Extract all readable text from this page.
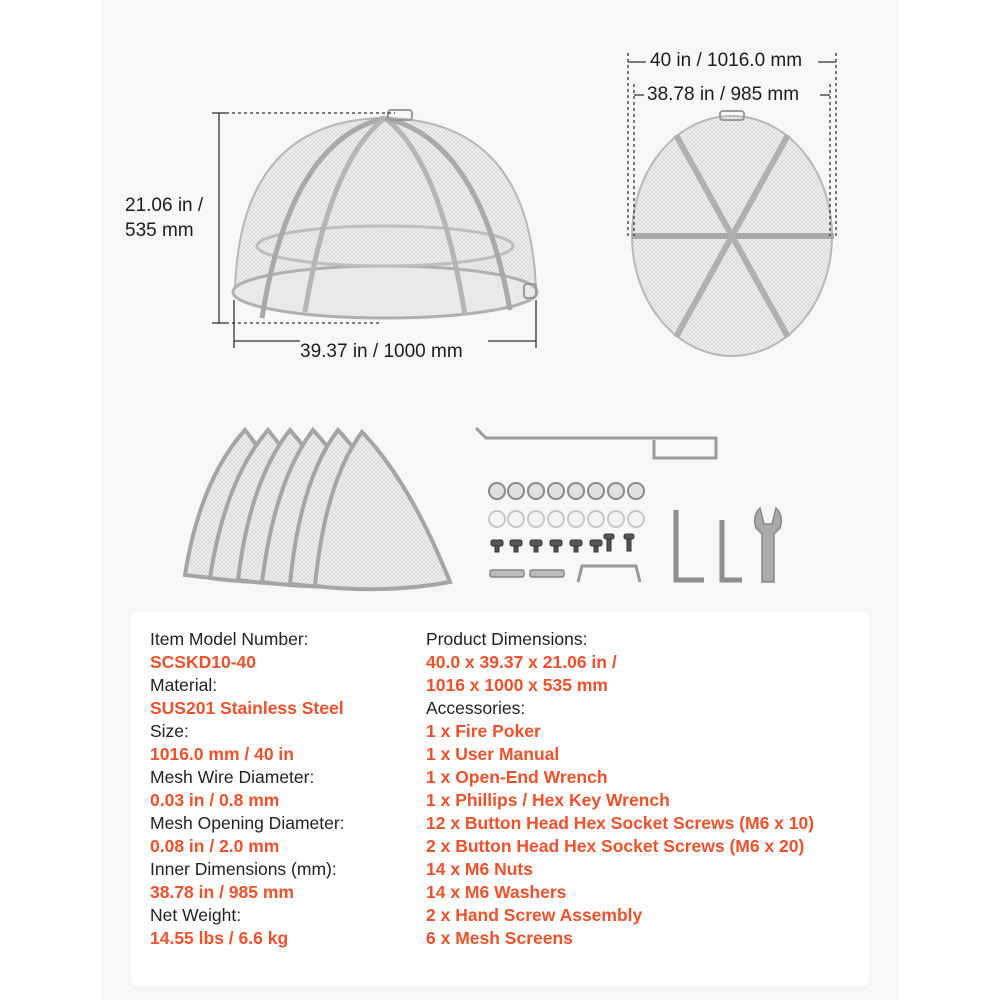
21.06 in /
535 mm
39.37 in / 1000 mm
40 in / 1016.0 mm
38.78 in / 985 mm
Item Model Number:
SCSKD10-40
Material:
SUS201 Stainless Steel
Size:
1016.0 mm / 40 in
Mesh Wire Diameter:
0.03 in / 0.8 mm
Mesh Opening Diameter:
0.08 in / 2.0 mm
Inner Dimensions (mm):
38.78 in / 985 mm
Net Weight:
14.55 lbs / 6.6 kg
Product Dimensions:
40.0 x 39.37 x 21.06 in /
1016 x 1000 x 535 mm
Accessories:
1 x Fire Poker
1 x User Manual
1 x Open-End Wrench
1 x Phillips / Hex Key Wrench
12 x Button Head Hex Socket Screws (M6 x 10)
2 x Button Head Hex Socket Screws (M6 x 20)
14 x M6 Nuts
14 x M6 Washers
2 x Hand Screw Assembly
6 x Mesh Screens
